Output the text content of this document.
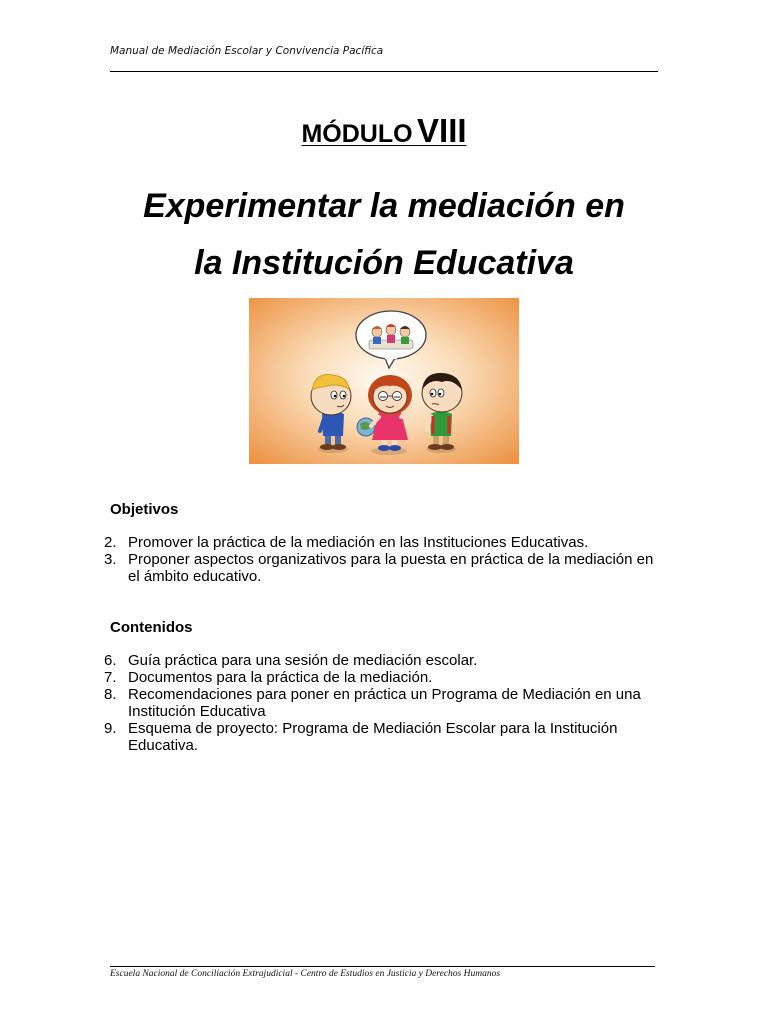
Manual de Mediación Escolar y Convivencia Pacífica
MÓDULO VIII
Experimentar la mediación en
la Institución Educativa
Objetivos
2. Promover la práctica de la mediación en las Instituciones Educativas.
3. Proponer aspectos organizativos para la puesta en práctica de la mediación en el ámbito educativo.
Contenidos
6. Guía práctica para una sesión de mediación escolar.
7. Documentos para la práctica de la mediación.
8. Recomendaciones para poner en práctica un Programa de Mediación en una Institución Educativa
9. Esquema de proyecto: Programa de Mediación Escolar para la Institución Educativa.
Escuela Nacional de Conciliación Extrajudicial - Centro de Estudios en Justicia y Derechos Humanos
